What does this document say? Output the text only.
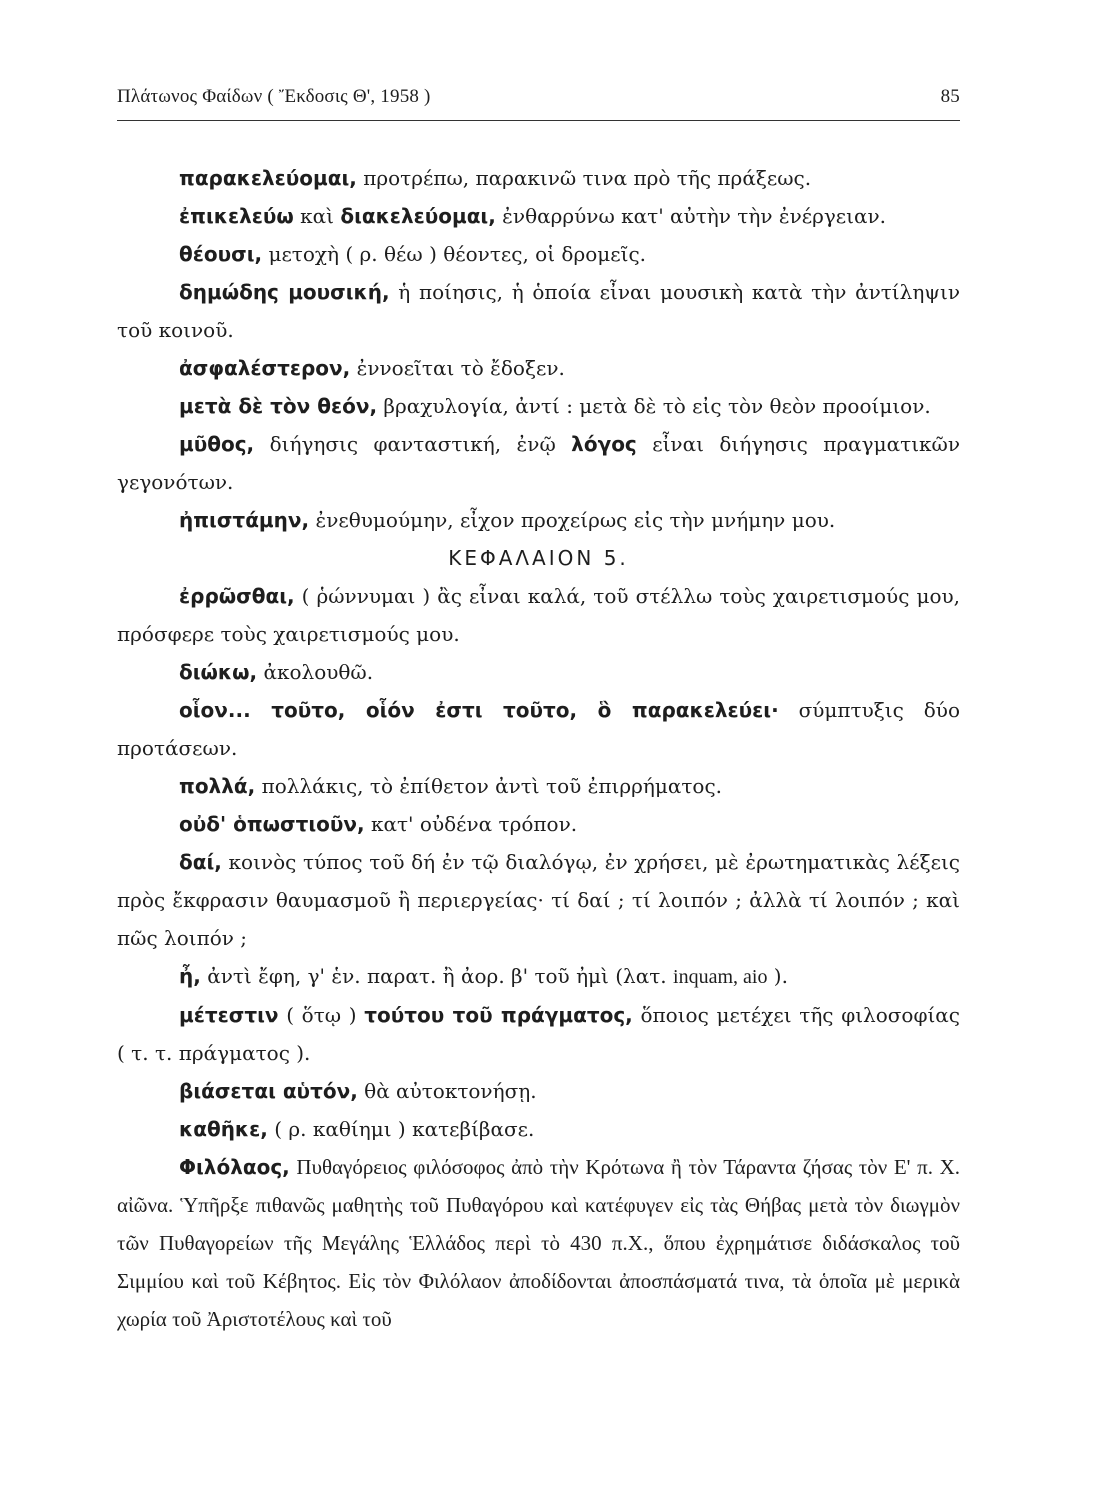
Πλάτωνος Φαίδων ( Ἔκδοσις Θ', 1958 )	85

παρακελεύομαι, προτρέπω, παρακινῶ τινα πρὸ τῆς πράξεως.

ἐπικελεύω καὶ διακελεύομαι, ἐνθαρρύνω κατ' αὐτὴν τὴν ἐνέργειαν.

θέουσι, μετοχὴ ( ρ. θέω ) θέοντες, οἱ δρομεῖς.

δημώδης μουσική, ἡ ποίησις, ἡ ὁποία εἶναι μουσικὴ κατὰ τὴν ἀντίληψιν τοῦ κοινοῦ.

ἀσφαλέστερον, ἐννοεῖται τὸ ἔδοξεν.

μετὰ δὲ τὸν θεόν, βραχυλογία, ἀντί : μετὰ δὲ τὸ εἰς τὸν θεὸν προοίμιον.

μῦθος, διήγησις φανταστική, ἐνῷ λόγος εἶναι διήγησις πραγματικῶν γεγονότων.

ἠπιστάμην, ἐνεθυμούμην, εἶχον προχείρως εἰς τὴν μνήμην μου.

ΚΕΦΑΛΑΙΟΝ 5.

ἐρρῶσθαι, ( ῥώννυμαι ) ἂς εἶναι καλά, τοῦ στέλλω τοὺς χαιρετισμούς μου, πρόσφερε τοὺς χαιρετισμούς μου.

διώκω, ἀκολουθῶ.

οἷον... τοῦτο, οἷόν ἐστι τοῦτο, ὃ παρακελεύει· σύμπτυξις δύο προτάσεων.

πολλά, πολλάκις, τὸ ἐπίθετον ἀντὶ τοῦ ἐπιρρήματος.

οὐδ' ὁπωστιοῦν, κατ' οὐδένα τρόπον.

δαί, κοινὸς τύπος τοῦ δή ἐν τῷ διαλόγῳ, ἐν χρήσει, μὲ ἐρωτηματικὰς λέξεις πρὸς ἔκφρασιν θαυμασμοῦ ἢ περιεργείας· τί δαί ; τί λοιπόν ; ἀλλὰ τί λοιπόν ; καὶ πῶς λοιπόν ;

ἦ, ἀντὶ ἔφη, γ' ἑν. παρατ. ἢ ἀορ. β' τοῦ ἠμὶ (λατ. inquam, aio ).

μέτεστιν ( ὅτῳ ) τούτου τοῦ πράγματος, ὅποιος μετέχει τῆς φιλοσοφίας ( τ. τ. πράγματος ).

βιάσεται αὑτόν, θὰ αὐτοκτονήσῃ.

καθῆκε, ( ρ. καθίημι ) κατεβίβασε.

Φιλόλαος, Πυθαγόρειος φιλόσοφος ἀπὸ τὴν Κρότωνα ἢ τὸν Τάραντα ζήσας τὸν Ε' π. Χ. αἰῶνα. Ὑπῆρξε πιθανῶς μαθητὴς τοῦ Πυθαγόρου καὶ κατέφυγεν εἰς τὰς Θήβας μετὰ τὸν διωγμὸν τῶν Πυθαγορείων τῆς Μεγάλης Ἑλλάδος περὶ τὸ 430 π.Χ., ὅπου ἐχρημάτισε διδάσκαλος τοῦ Σιμμίου καὶ τοῦ Κέβητος. Εἰς τὸν Φιλόλαον ἀποδίδονται ἀποσπάσματά τινα, τὰ ὁποῖα μὲ μερικὰ χωρία τοῦ Ἀριστοτέλους καὶ τοῦ
